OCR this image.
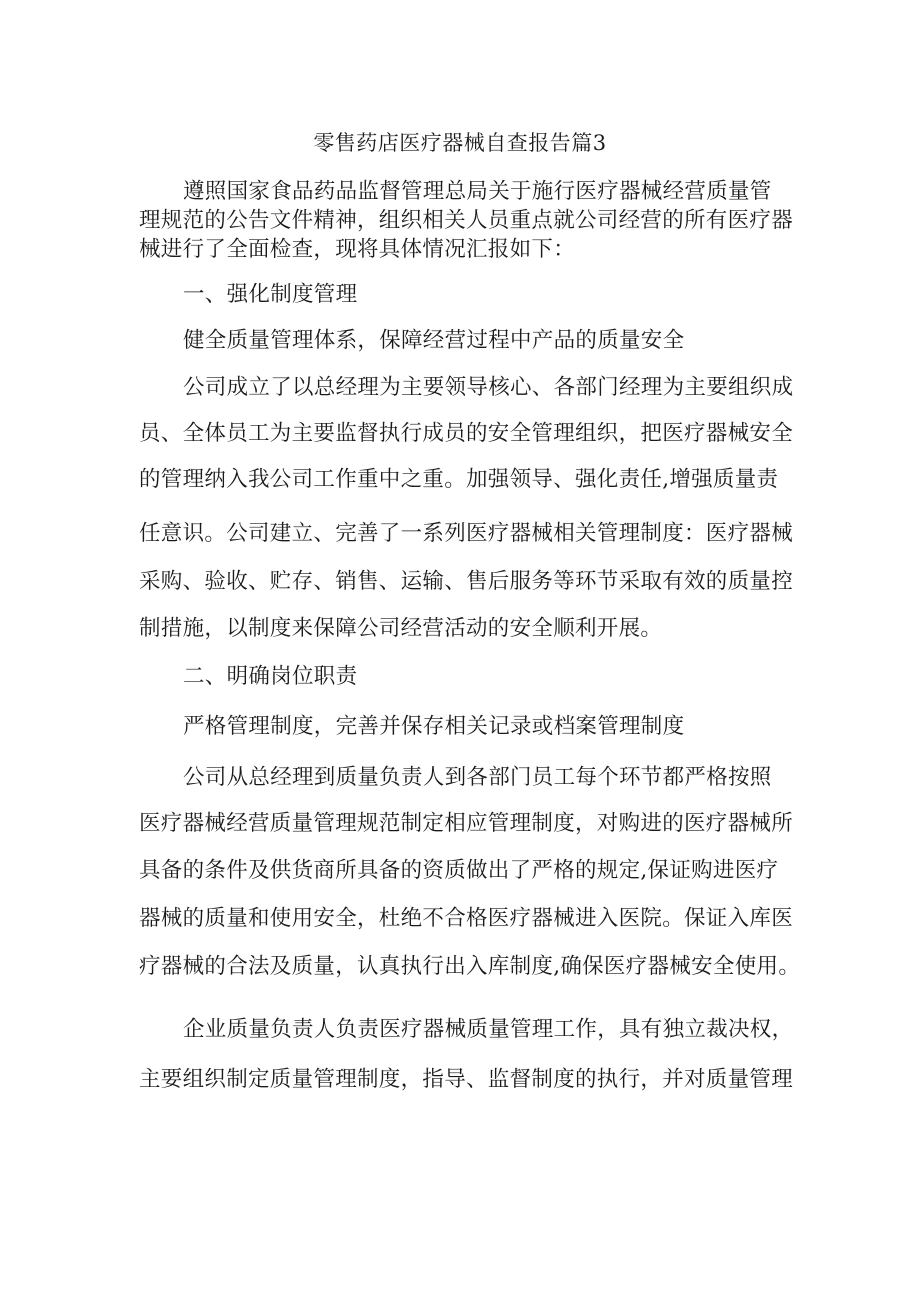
零售药店医疗器械自查报告篇3
遵照国家食品药品监督管理总局关于施行医疗器械经营质量管
理规范的公告文件精神，组织相关人员重点就公司经营的所有医疗器
械进行了全面检查，现将具体情况汇报如下：
一、强化制度管理
健全质量管理体系，保障经营过程中产品的质量安全
公司成立了以总经理为主要领导核心、各部门经理为主要组织成
员、全体员工为主要监督执行成员的安全管理组织，把医疗器械安全
的管理纳入我公司工作重中之重。加强领导、强化责任,增强质量责
任意识。公司建立、完善了一系列医疗器械相关管理制度：医疗器械
采购、验收、贮存、销售、运输、售后服务等环节采取有效的质量控
制措施，以制度来保障公司经营活动的安全顺利开展。
二、明确岗位职责
严格管理制度，完善并保存相关记录或档案管理制度
公司从总经理到质量负责人到各部门员工每个环节都严格按照
医疗器械经营质量管理规范制定相应管理制度，对购进的医疗器械所
具备的条件及供货商所具备的资质做出了严格的规定,保证购进医疗
器械的质量和使用安全，杜绝不合格医疗器械进入医院。保证入库医
疗器械的合法及质量，认真执行出入库制度,确保医疗器械安全使用。
企业质量负责人负责医疗器械质量管理工作，具有独立裁决权，
主要组织制定质量管理制度，指导、监督制度的执行，并对质量管理
